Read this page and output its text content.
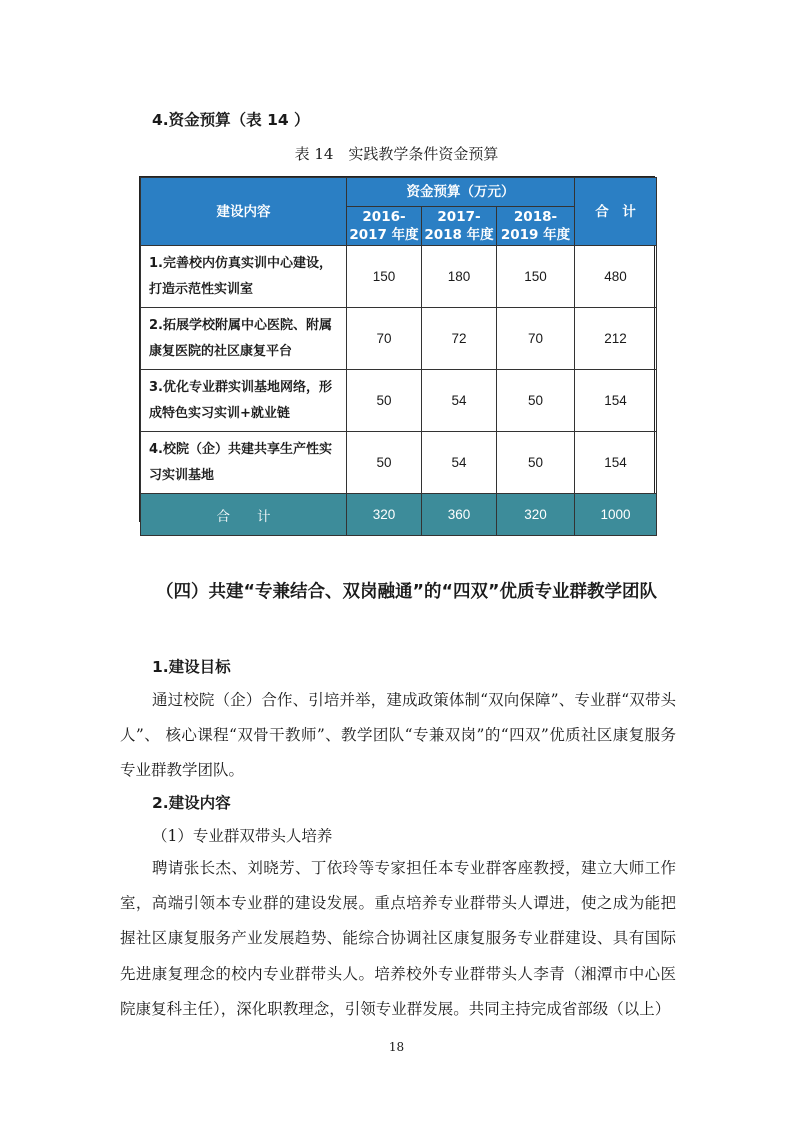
4.资金预算（表 14 ）
表 14　实践教学条件资金预算
建设内容	资金预算（万元）			合　计
	2016-2017 年度	2017-2018 年度	2018-2019 年度	
1.完善校内仿真实训中心建设，打造示范性实训室	150	180	150	480
2.拓展学校附属中心医院、附属康复医院的社区康复平台	70	72	70	212
3.优化专业群实训基地网络，形成特色实习实训+就业链	50	54	50	154
4.校院（企）共建共享生产性实习实训基地	50	54	50	154
合　　计	320	360	320	1000
（四）共建“专兼结合、双岗融通”的“四双”优质专业群教学团队
1.建设目标
通过校院（企）合作、引培并举，建成政策体制“双向保障”、专业群“双带头人”、 核心课程“双骨干教师”、教学团队“专兼双岗”的“四双”优质社区康复服务专业群教学团队。
2.建设内容
（1）专业群双带头人培养
聘请张长杰、刘晓芳、丁依玲等专家担任本专业群客座教授，建立大师工作室，高端引领本专业群的建设发展。重点培养专业群带头人谭进，使之成为能把握社区康复服务产业发展趋势、能综合协调社区康复服务专业群建设、具有国际先进康复理念的校内专业群带头人。培养校外专业群带头人李青（湘潭市中心医院康复科主任），深化职教理念，引领专业群发展。共同主持完成省部级（以上）
18
